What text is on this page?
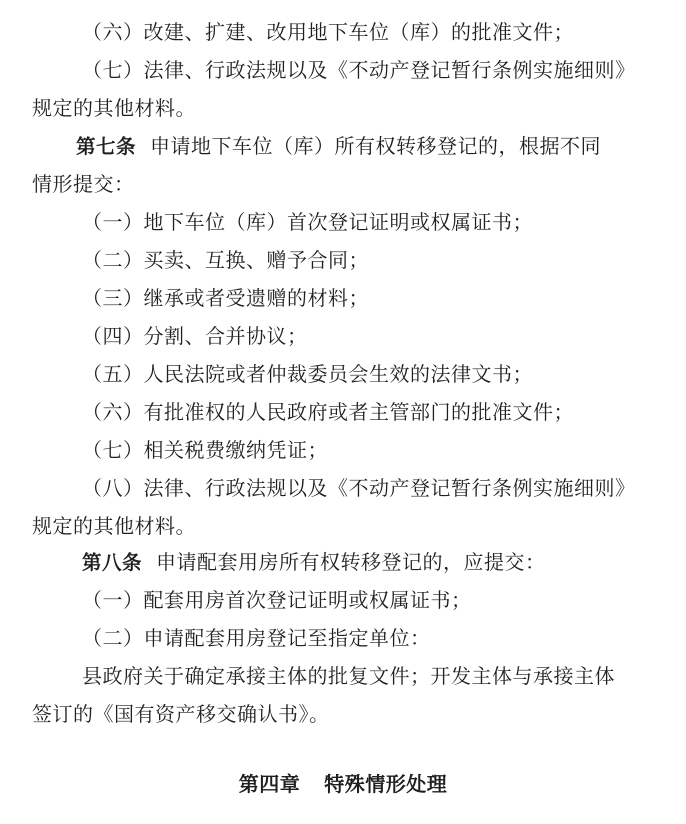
（六）改建、扩建、改用地下车位（库）的批准文件；
（七）法律、行政法规以及《不动产登记暂行条例实施细则》
规定的其他材料。
第七条 申请地下车位（库）所有权转移登记的，根据不同
情形提交：
（一）地下车位（库）首次登记证明或权属证书；
（二）买卖、互换、赠予合同；
（三）继承或者受遗赠的材料；
（四）分割、合并协议；
（五）人民法院或者仲裁委员会生效的法律文书；
（六）有批准权的人民政府或者主管部门的批准文件；
（七）相关税费缴纳凭证；
（八）法律、行政法规以及《不动产登记暂行条例实施细则》
规定的其他材料。
第八条 申请配套用房所有权转移登记的，应提交：
（一）配套用房首次登记证明或权属证书；
（二）申请配套用房登记至指定单位：
县政府关于确定承接主体的批复文件；开发主体与承接主体
签订的《国有资产移交确认书》。
第四章 特殊情形处理
